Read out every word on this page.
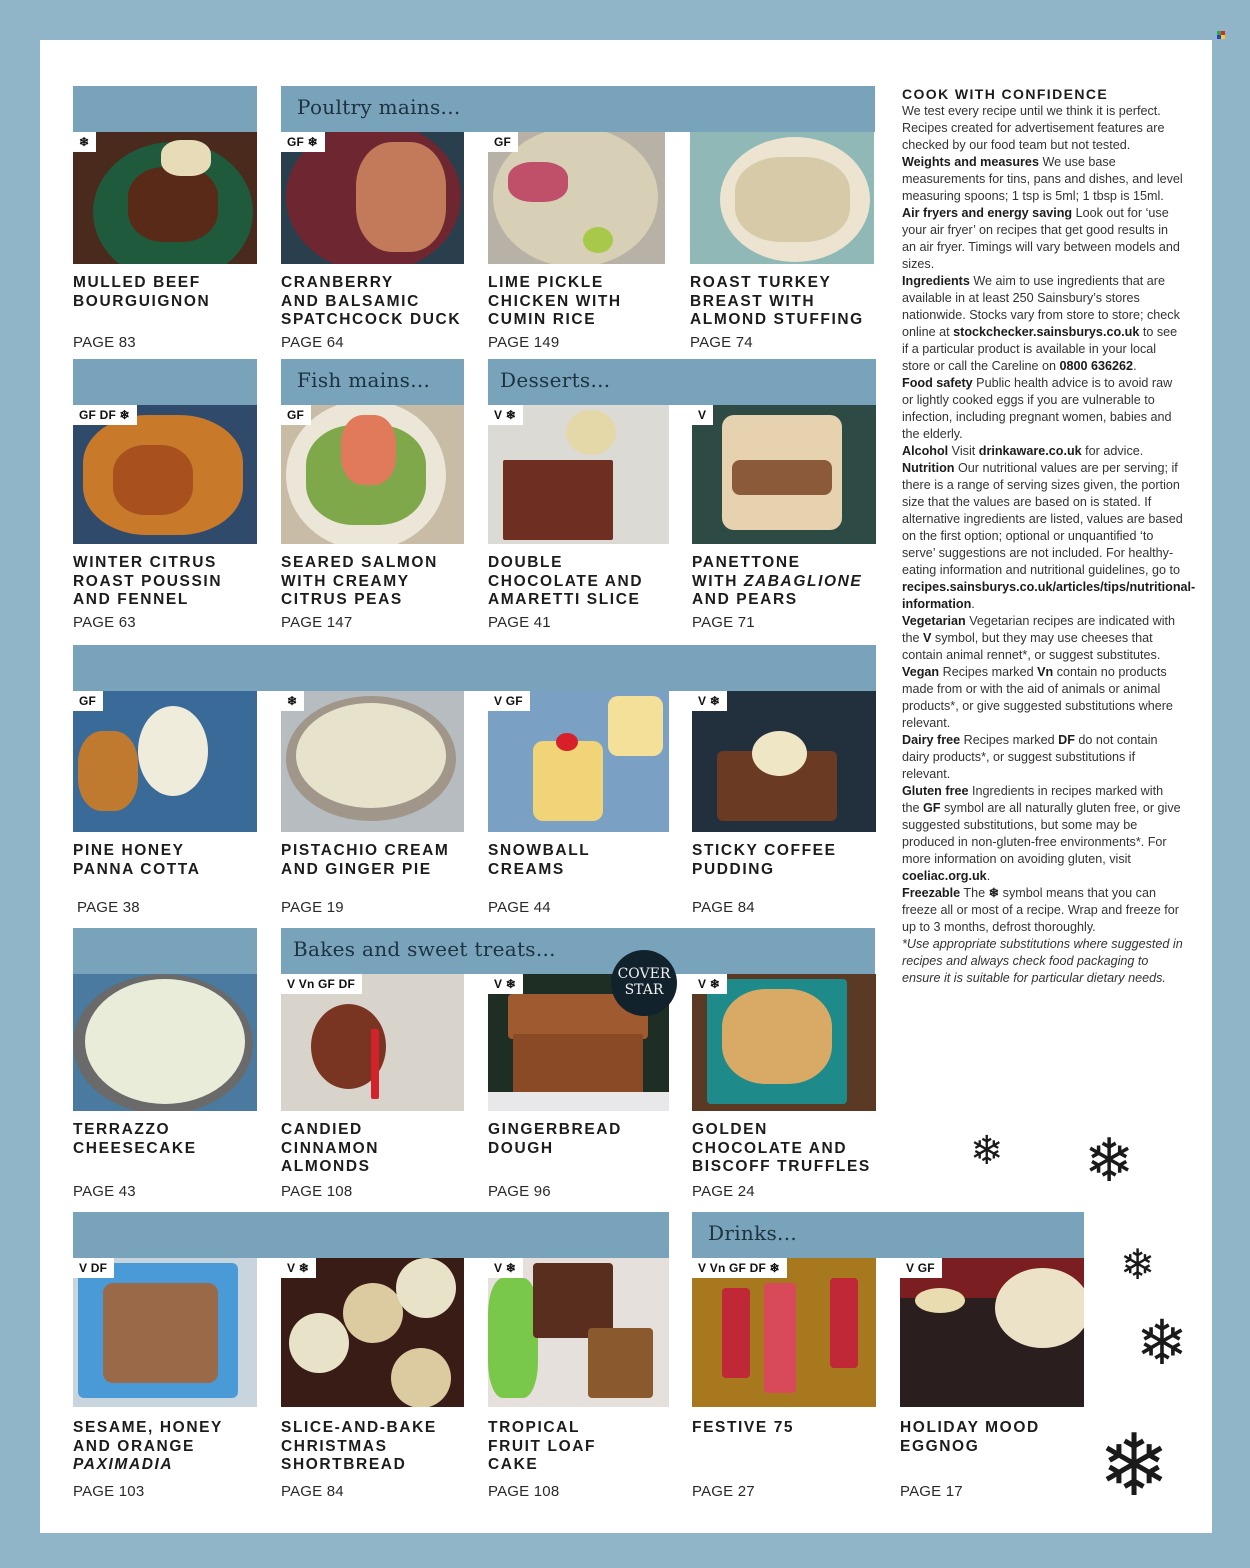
Poultry mains...
Fish mains...	Desserts...
Bakes and sweet treats...
Drinks...
COVER
STAR
❄
MULLED BEEF
BOURGUIGNON
PAGE 83
GF ❄
CRANBERRY
AND BALSAMIC
SPATCHCOCK DUCK
PAGE 64
GF
LIME PICKLE
CHICKEN WITH
CUMIN RICE
PAGE 149
ROAST TURKEY
BREAST WITH
ALMOND STUFFING
PAGE 74
GF DF ❄
WINTER CITRUS
ROAST POUSSIN
AND FENNEL
PAGE 63
GF
SEARED SALMON
WITH CREAMY
CITRUS PEAS
PAGE 147
V ❄
DOUBLE
CHOCOLATE AND
AMARETTI SLICE
PAGE 41
V
PANETTONE
WITH ZABAGLIONE
AND PEARS
PAGE 71
GF
PINE HONEY
PANNA COTTA
PAGE 38
❄
PISTACHIO CREAM
AND GINGER PIE
PAGE 19
V GF
SNOWBALL
CREAMS
PAGE 44
V ❄
STICKY COFFEE
PUDDING
PAGE 84
TERRAZZO
CHEESECAKE
PAGE 43
V Vn GF DF
CANDIED
CINNAMON
ALMONDS
PAGE 108
V ❄
GINGERBREAD
DOUGH
PAGE 96
V ❄
GOLDEN
CHOCOLATE AND
BISCOFF TRUFFLES
PAGE 24
V DF
SESAME, HONEY
AND ORANGE
PAXIMADIA
PAGE 103
V ❄
SLICE-AND-BAKE
CHRISTMAS
SHORTBREAD
PAGE 84
V ❄
TROPICAL
FRUIT LOAF
CAKE
PAGE 108
V Vn GF DF ❄
FESTIVE 75
PAGE 27
V GF
HOLIDAY MOOD
EGGNOG
PAGE 17
COOK WITH CONFIDENCE

We test every recipe until we think it is perfect. Recipes created for advertisement features are checked by our food team but not tested.

Weights and measures We use base measurements for tins, pans and dishes, and level measuring spoons; 1 tsp is 5ml; 1 tbsp is 15ml.

Air fryers and energy saving Look out for ‘use your air fryer’ on recipes that get good results in an air fryer. Timings will vary between models and sizes.

Ingredients We aim to use ingredients that are available in at least 250 Sainsbury’s stores nationwide. Stocks vary from store to store; check online at stockchecker.sainsburys.co.uk to see if a particular product is available in your local store or call the Careline on 0800 636262.

Food safety Public health advice is to avoid raw or lightly cooked eggs if you are vulnerable to infection, including pregnant women, babies and the elderly.

Alcohol Visit drinkaware.co.uk for advice.

Nutrition Our nutritional values are per serving; if there is a range of serving sizes given, the portion size that the values are based on is stated. If alternative ingredients are listed, values are based on the first option; optional or unquantified ‘to serve’ suggestions are not included. For healthy-eating information and nutritional guidelines, go to recipes.sainsburys.co.uk/articles/tips/nutritional-information.

Vegetarian Vegetarian recipes are indicated with the V symbol, but they may use cheeses that contain animal rennet*, or suggest substitutes.

Vegan Recipes marked Vn contain no products made from or with the aid of animals or animal products*, or give suggested substitutions where relevant.

Dairy free Recipes marked DF do not contain dairy products*, or suggest substitutions if relevant.

Gluten free Ingredients in recipes marked with the GF symbol are all naturally gluten free, or give suggested substitutions, but some may be produced in non-gluten-free environments*. For more information on avoiding gluten, visit coeliac.org.uk.

Freezable The ❄ symbol means that you can freeze all or most of a recipe. Wrap and freeze for up to 3 months, defrost thoroughly.

*Use appropriate substitutions where suggested in recipes and always check food packaging to ensure it is suitable for particular dietary needs.

❄ ❄
❄
❄
❄
